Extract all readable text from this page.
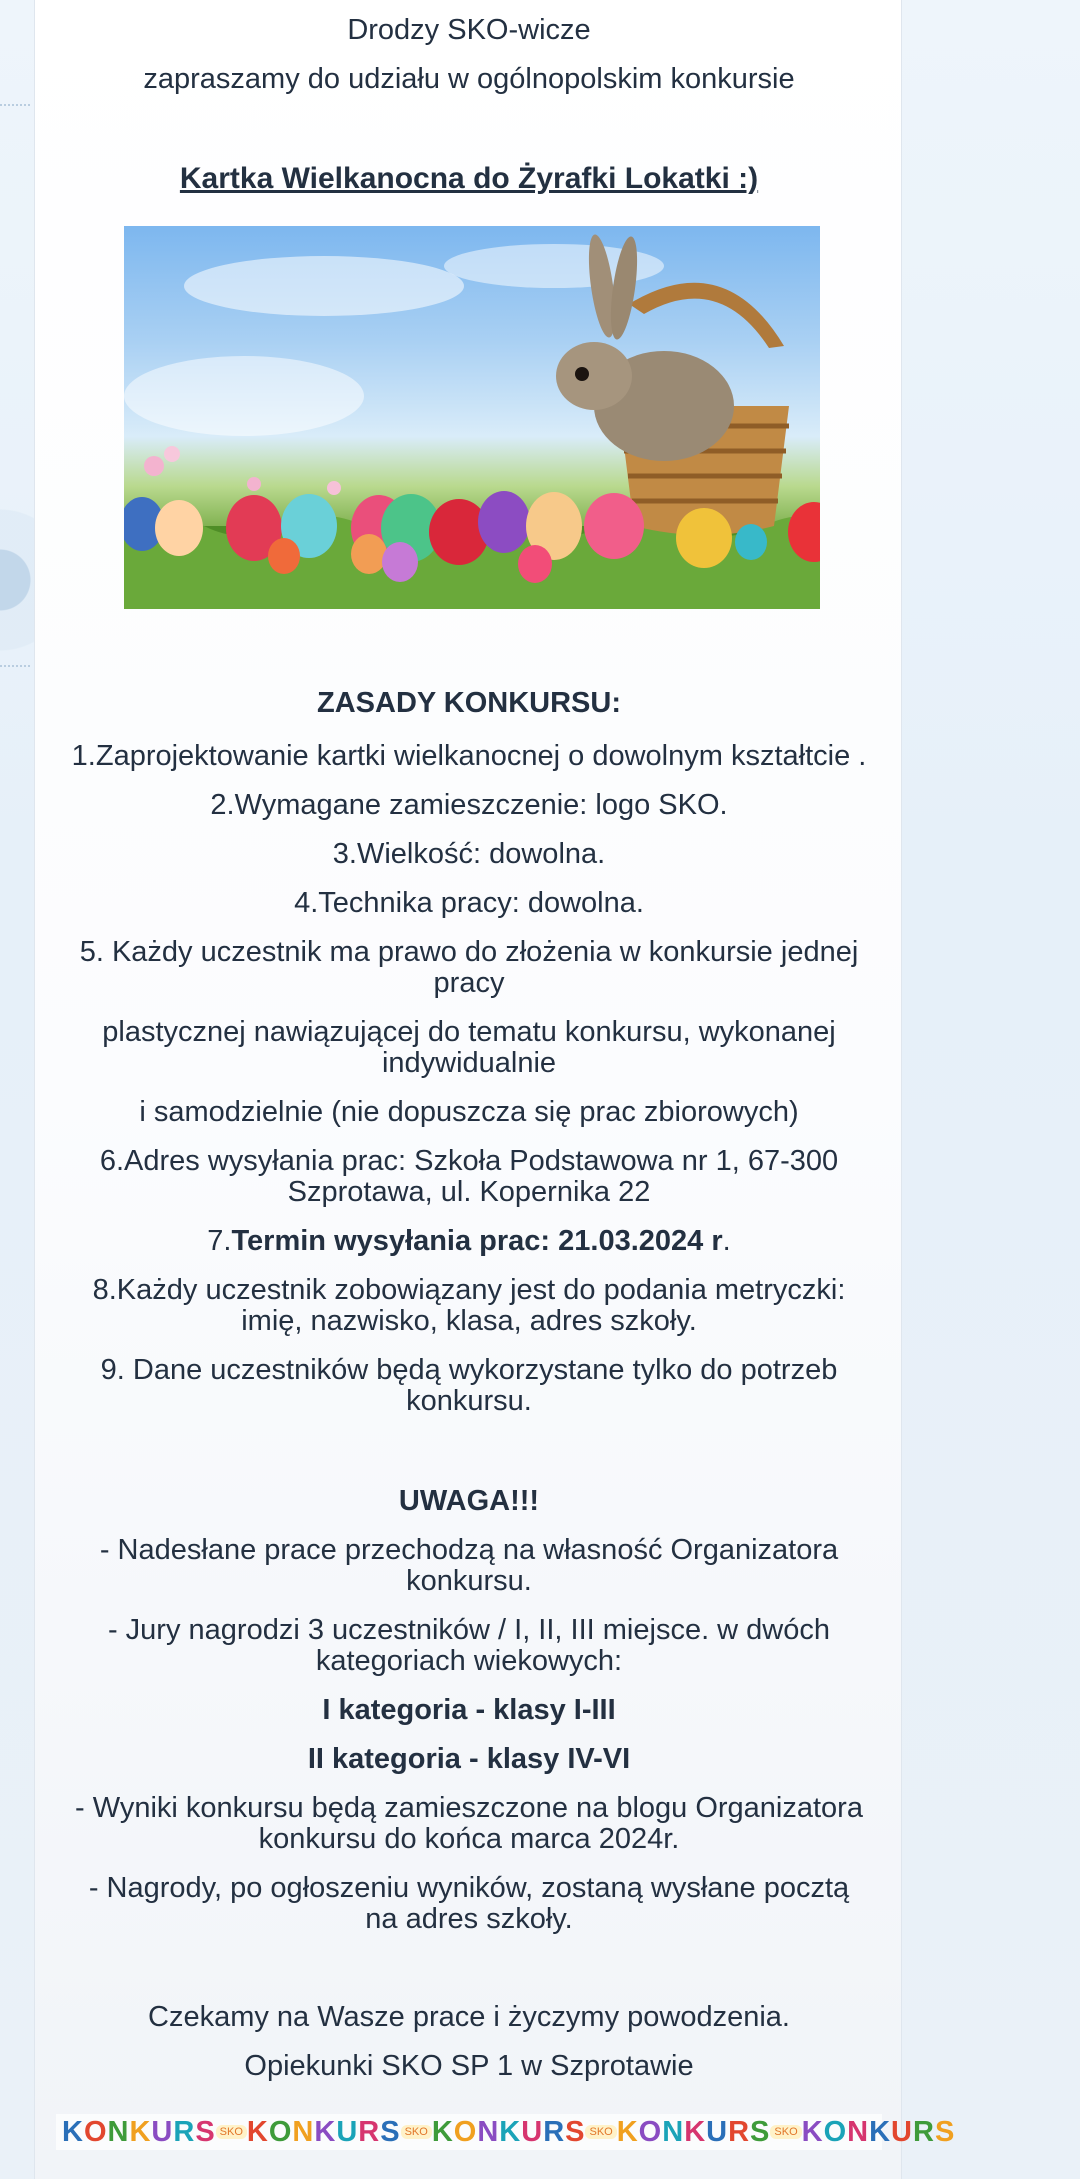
Drodzy SKO-wicze
zapraszamy do udziału w ogólnopolskim konkursie
Kartka Wielkanocna do Żyrafki Lokatki :)
ZASADY KONKURSU:
1.Zaprojektowanie kartki wielkanocnej o dowolnym kształtcie .
2.Wymagane zamieszczenie: logo SKO.
3.Wielkość: dowolna.
4.Technika pracy: dowolna.
5. Każdy uczestnik ma prawo do złożenia w konkursie jednej
pracy
plastycznej nawiązującej do tematu konkursu, wykonanej
indywidualnie
i samodzielnie (nie dopuszcza się prac zbiorowych)
6.Adres wysyłania prac: Szkoła Podstawowa nr 1, 67-300
Szprotawa, ul. Kopernika 22
7.Termin wysyłania prac: 21.03.2024 r.
8.Każdy uczestnik zobowiązany jest do podania metryczki:
imię, nazwisko, klasa, adres szkoły.
9. Dane uczestników będą wykorzystane tylko do potrzeb
konkursu.
UWAGA!!!
- Nadesłane prace przechodzą na własność Organizatora
konkursu.
- Jury nagrodzi 3 uczestników / I, II, III miejsce. w dwóch
kategoriach wiekowych:
I kategoria - klasy I-III
II kategoria - klasy IV-VI
- Wyniki konkursu będą zamieszczone na blogu Organizatora
konkursu do końca marca 2024r.
- Nagrody, po ogłoszeniu wyników, zostaną wysłane pocztą
na adres szkoły.
Czekamy na Wasze prace i życzymy powodzenia.
Opiekunki SKO SP 1 w Szprotawie
KONKURS SKO KONKURS SKO KONKURS SKO KONKURS SKO KONKURS
